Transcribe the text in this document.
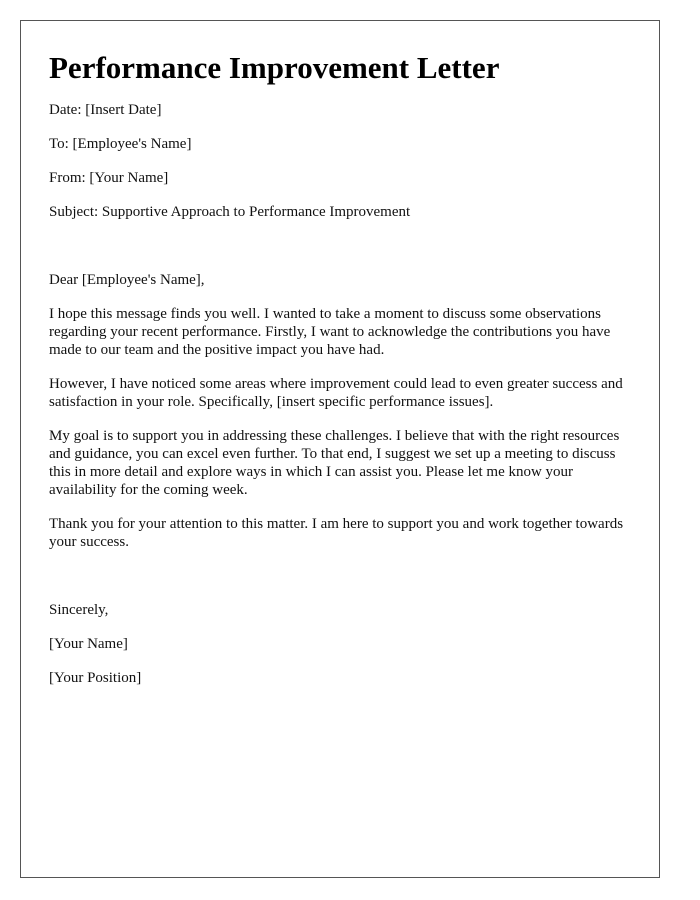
Performance Improvement Letter

Date: [Insert Date]

To: [Employee's Name]

From: [Your Name]

Subject: Supportive Approach to Performance Improvement

Dear [Employee's Name],

I hope this message finds you well. I wanted to take a moment to discuss some observations regarding your recent performance. Firstly, I want to acknowledge the contributions you have made to our team and the positive impact you have had.

However, I have noticed some areas where improvement could lead to even greater success and satisfaction in your role. Specifically, [insert specific performance issues].

My goal is to support you in addressing these challenges. I believe that with the right resources and guidance, you can excel even further. To that end, I suggest we set up a meeting to discuss this in more detail and explore ways in which I can assist you. Please let me know your availability for the coming week.

Thank you for your attention to this matter. I am here to support you and work together towards your success.

Sincerely,

[Your Name]

[Your Position]
